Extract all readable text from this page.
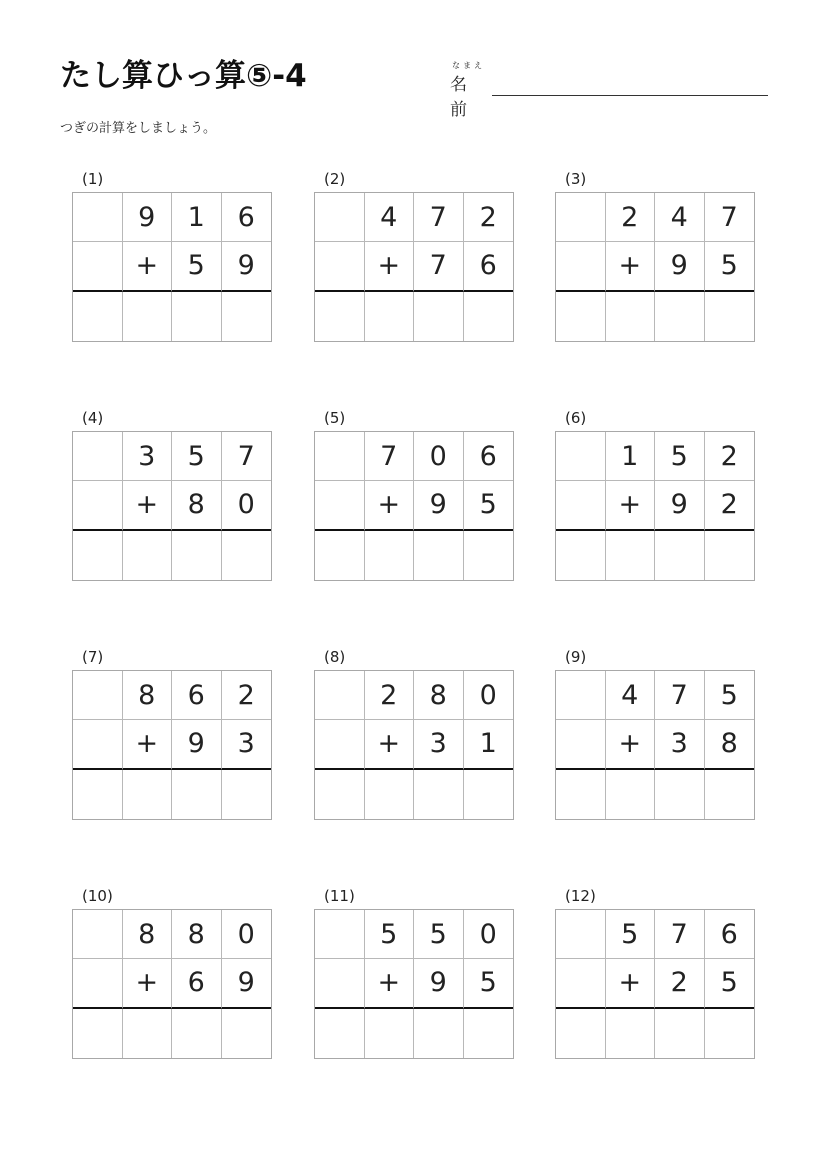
たし算ひっ算⑤-4	なまえ
名前
つぎの計算をしましょう。
(1)
9	1	6
+	5	9
(2)
4	7	2
+	7	6
(3)
2	4	7
+	9	5
(4)
3	5	7
+	8	0
(5)
7	0	6
+	9	5
(6)
1	5	2
+	9	2
(7)
8	6	2
+	9	3
(8)
2	8	0
+	3	1
(9)
4	7	5
+	3	8
(10)
8	8	0
+	6	9
(11)
5	5	0
+	9	5
(12)
5	7	6
+	2	5
